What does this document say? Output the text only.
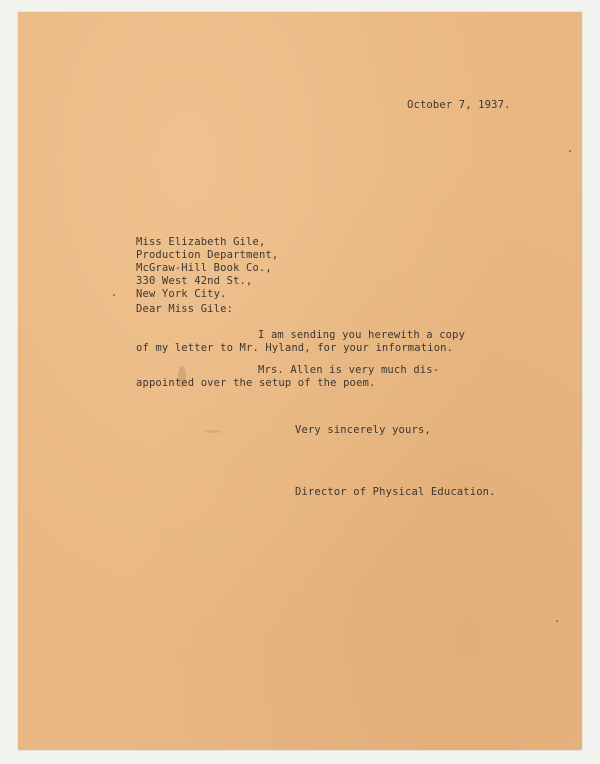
October 7, 1937.
Miss Elizabeth Gile,
Production Department,
McGraw-Hill Book Co.,
330 West 42nd St.,
New York City.
Dear Miss Gile:
I am sending you herewith a copy
of my letter to Mr. Hyland, for your information.
Mrs. Allen is very much dis-
appointed over the setup of the poem.
Very sincerely yours,
Director of Physical Education.
